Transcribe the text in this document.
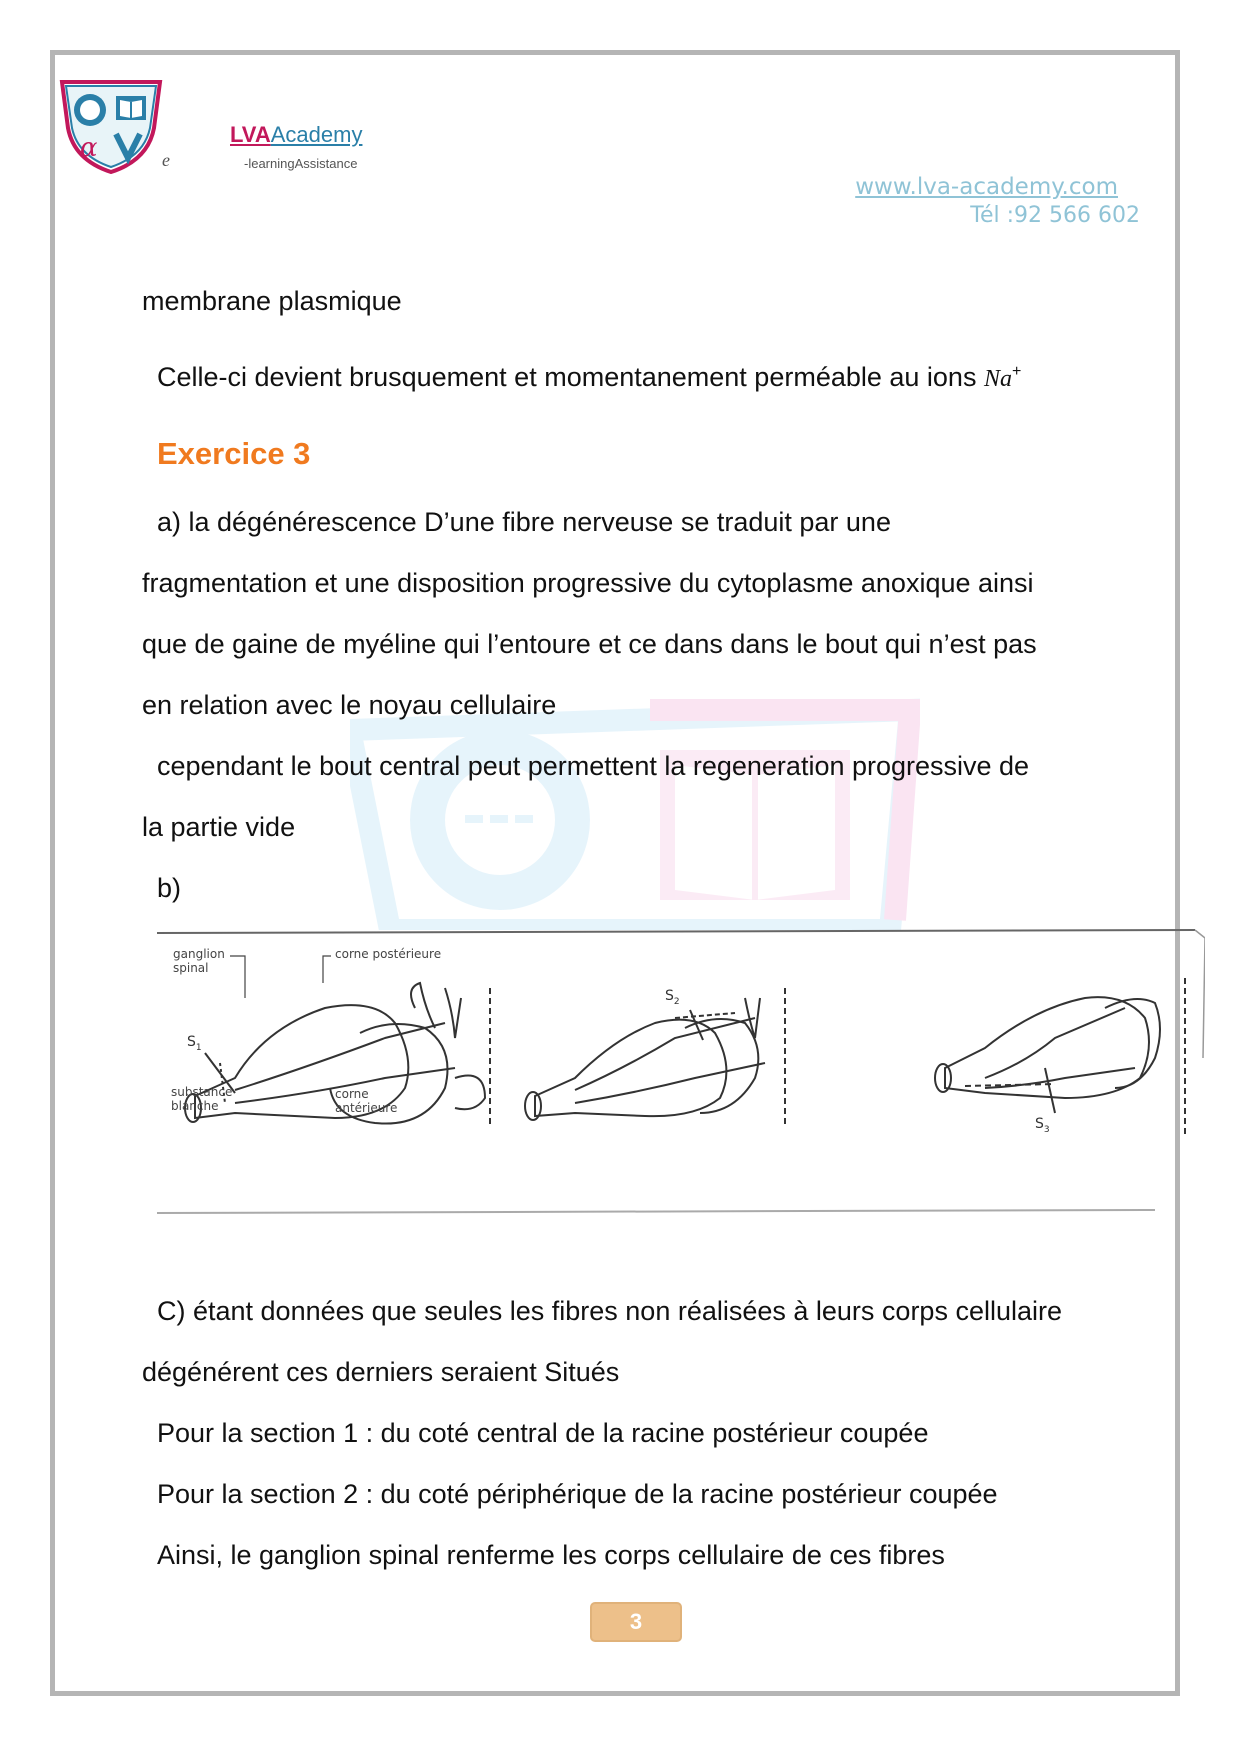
α	LVAAcademy
e	-learningAssistance
www.lva-academy.com
Tél :92 566 602
membrane plasmique
Celle-ci devient brusquement et momentanement perméable au ions Na+
Exercice 3
a) la dégénérescence D’une fibre nerveuse se traduit par une
fragmentation et une disposition progressive du cytoplasme anoxique ainsi
que de gaine de myéline qui l’entoure et ce dans dans le bout qui n’est pas
en relation avec le noyau cellulaire
cependant le bout central peut permettent la regeneration progressive de
la partie vide
b)
ganglion
spinal
corne postérieure
substance
blanche
corne
antérieure
$S_1$
$S_2$
$S_3$
C) étant données que seules les fibres non réalisées à leurs corps cellulaire
dégénérent ces derniers seraient Situés
Pour la section 1 : du coté central de la racine postérieur coupée
Pour la section 2 : du coté périphérique de la racine postérieur coupée
Ainsi, le ganglion spinal renferme les corps cellulaire de ces fibres
3
